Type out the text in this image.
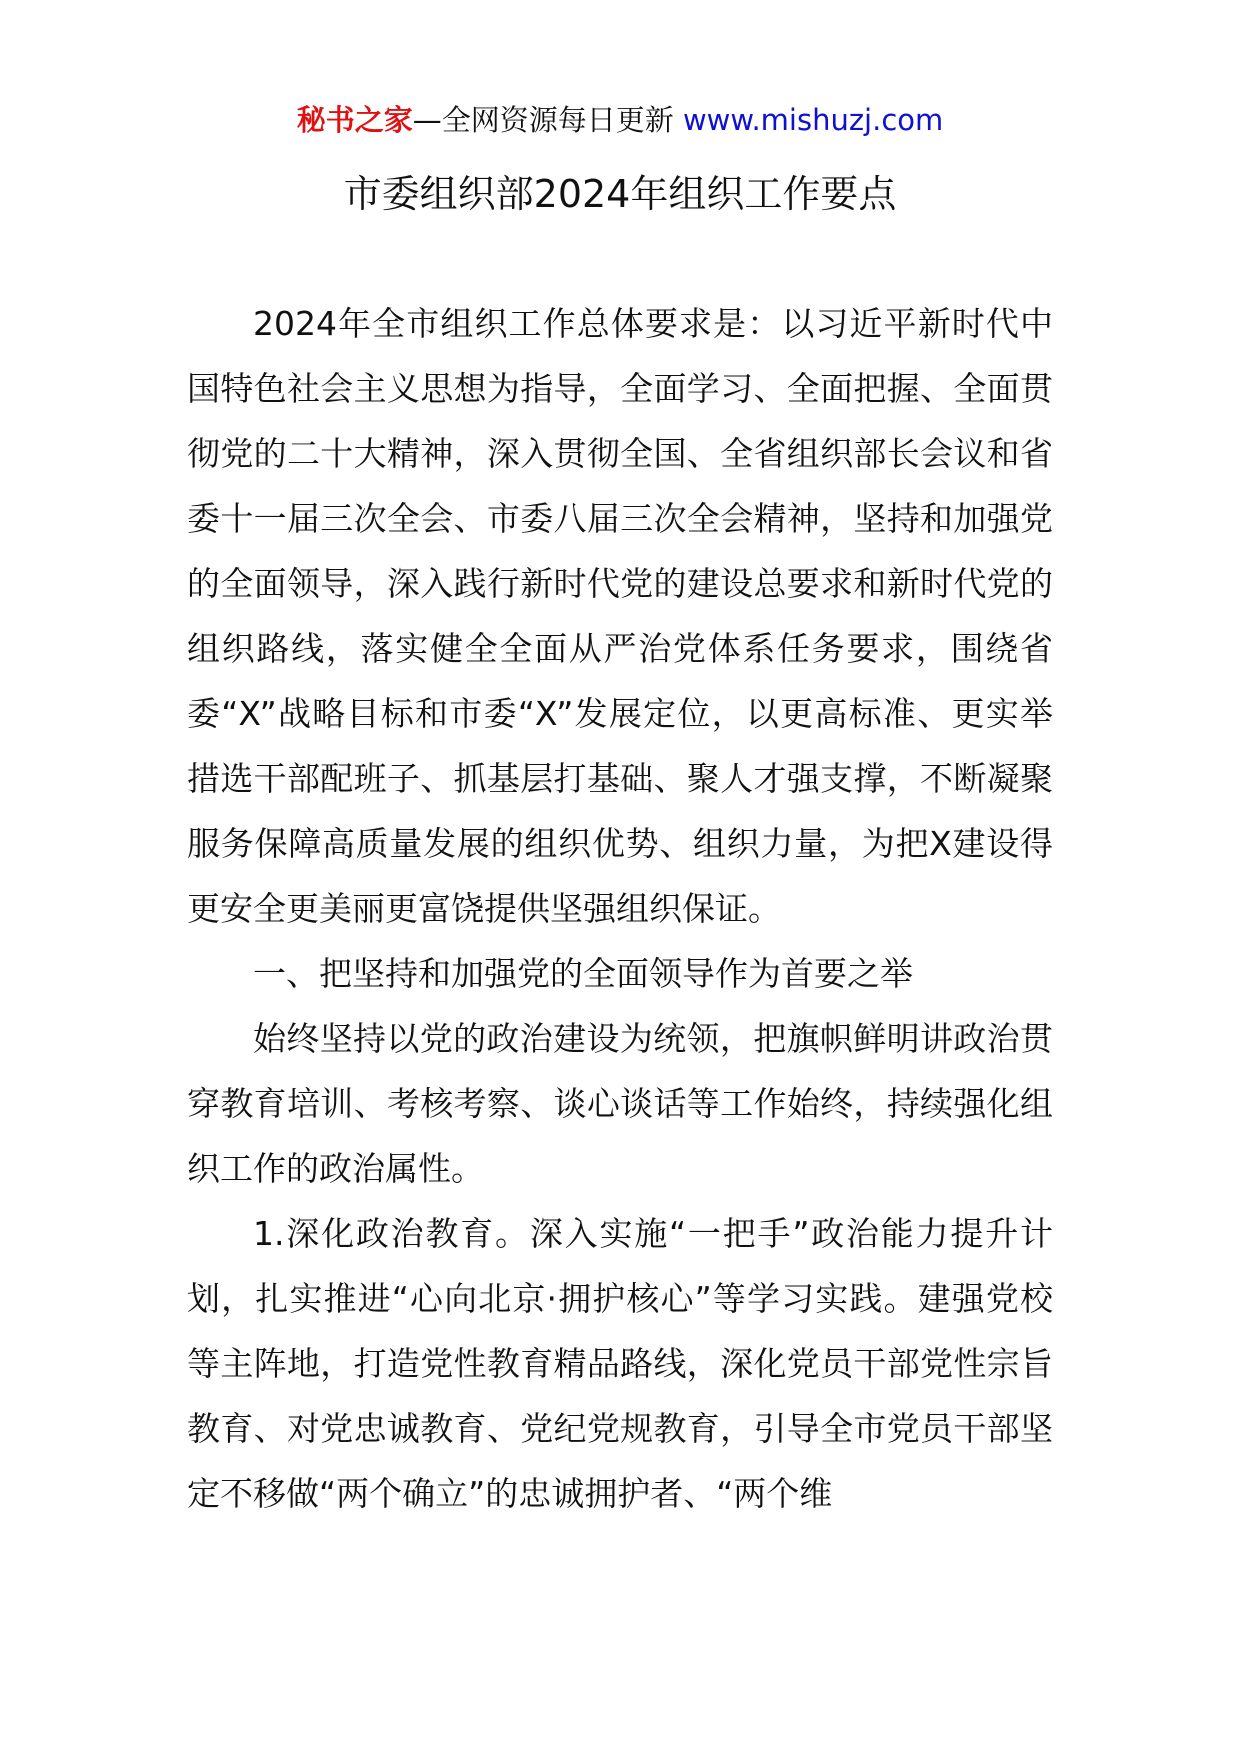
秘书之家—全网资源每日更新 www.mishuzj.com
市委组织部2024年组织工作要点

2024年全市组织工作总体要求是：以习近平新时代中国特色社会主义思想为指导，全面学习、全面把握、全面贯彻党的二十大精神，深入贯彻全国、全省组织部长会议和省委十一届三次全会、市委八届三次全会精神，坚持和加强党的全面领导，深入践行新时代党的建设总要求和新时代党的组织路线，落实健全全面从严治党体系任务要求，围绕省委“X”战略目标和市委“X”发展定位，以更高标准、更实举措选干部配班子、抓基层打基础、聚人才强支撑，不断凝聚服务保障高质量发展的组织优势、组织力量，为把X建设得更安全更美丽更富饶提供坚强组织保证。

一、把坚持和加强党的全面领导作为首要之举

始终坚持以党的政治建设为统领，把旗帜鲜明讲政治贯穿教育培训、考核考察、谈心谈话等工作始终，持续强化组织工作的政治属性。

1.深化政治教育。深入实施“一把手”政治能力提升计划，扎实推进“心向北京·拥护核心”等学习实践。建强党校等主阵地，打造党性教育精品路线，深化党员干部党性宗旨教育、对党忠诚教育、党纪党规教育，引导全市党员干部坚定不移做“两个确立”的忠诚拥护者、“两个维
